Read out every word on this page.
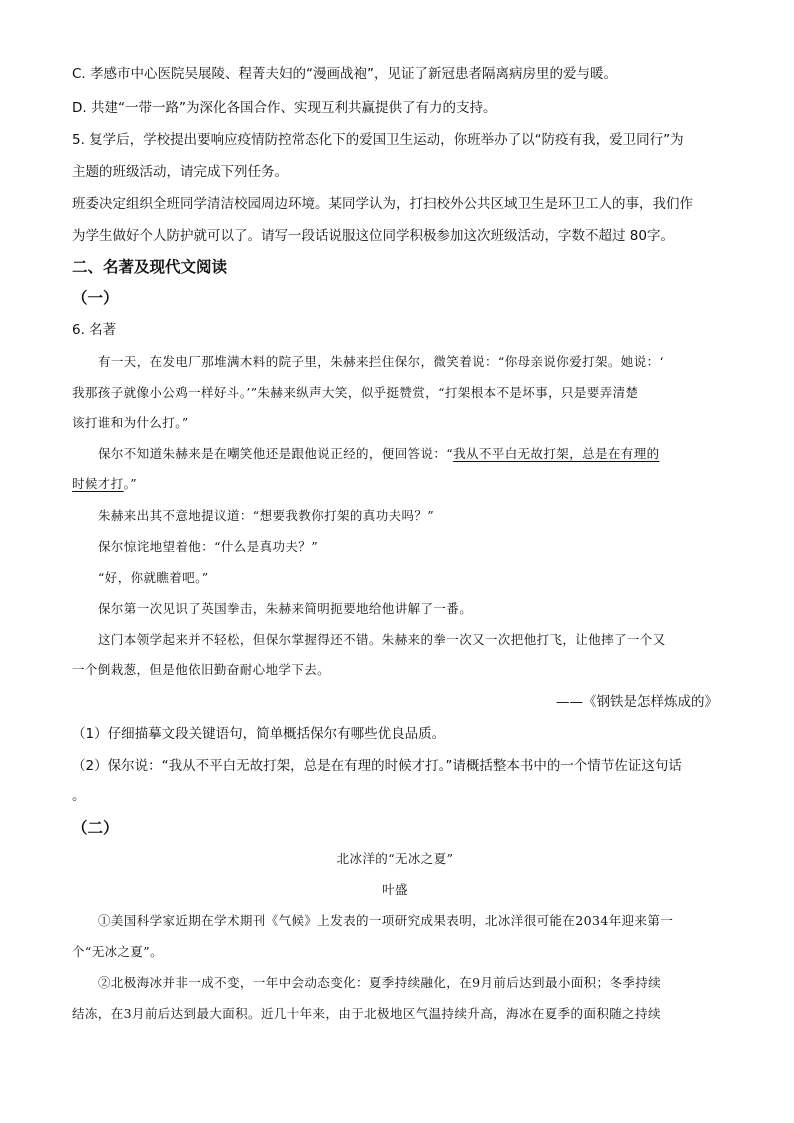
C. 孝感市中心医院吴展陵、程菁夫妇的“漫画战袍”，见证了新冠患者隔离病房里的爱与暖。
D. 共建“一带一路”为深化各国合作、实现互利共赢提供了有力的支持。
5. 复学后，学校提出要响应疫情防控常态化下的爱国卫生运动，你班举办了以“防疫有我，爱卫同行”为
主题的班级活动，请完成下列任务。
班委决定组织全班同学清洁校园周边环境。某同学认为，打扫校外公共区域卫生是环卫工人的事，我们作
为学生做好个人防护就可以了。请写一段话说服这位同学积极参加这次班级活动，字数不超过 80字。
二、名著及现代文阅读
（一）
6. 名著
有一天，在发电厂那堆满木料的院子里，朱赫来拦住保尔，微笑着说：“你母亲说你爱打架。她说：‘
我那孩子就像小公鸡一样好斗。’”朱赫来纵声大笑，似乎挺赞赏，“打架根本不是坏事，只是要弄清楚
该打谁和为什么打。”
保尔不知道朱赫来是在嘲笑他还是跟他说正经的，便回答说：“我从不平白无故打架，总是在有理的
时候才打。”
朱赫来出其不意地提议道：“想要我教你打架的真功夫吗？”
保尔惊诧地望着他：“什么是真功夫？”
“好，你就瞧着吧。”
保尔第一次见识了英国拳击，朱赫来简明扼要地给他讲解了一番。
这门本领学起来并不轻松，但保尔掌握得还不错。朱赫来的拳一次又一次把他打飞，让他摔了一个又
一个倒栽葱，但是他依旧勤奋耐心地学下去。
——《钢铁是怎样炼成的》
（1）仔细描摹文段关键语句，简单概括保尔有哪些优良品质。
（2）保尔说：“我从不平白无故打架，总是在有理的时候才打。”请概括整本书中的一个情节佐证这句话
。
（二）
北冰洋的“无冰之夏”
叶盛
①美国科学家近期在学术期刊《气候》上发表的一项研究成果表明，北冰洋很可能在2034年迎来第一
个“无冰之夏”。
②北极海冰并非一成不变，一年中会动态变化：夏季持续融化，在9月前后达到最小面积；冬季持续
结冻，在3月前后达到最大面积。近几十年来，由于北极地区气温持续升高，海冰在夏季的面积随之持续
